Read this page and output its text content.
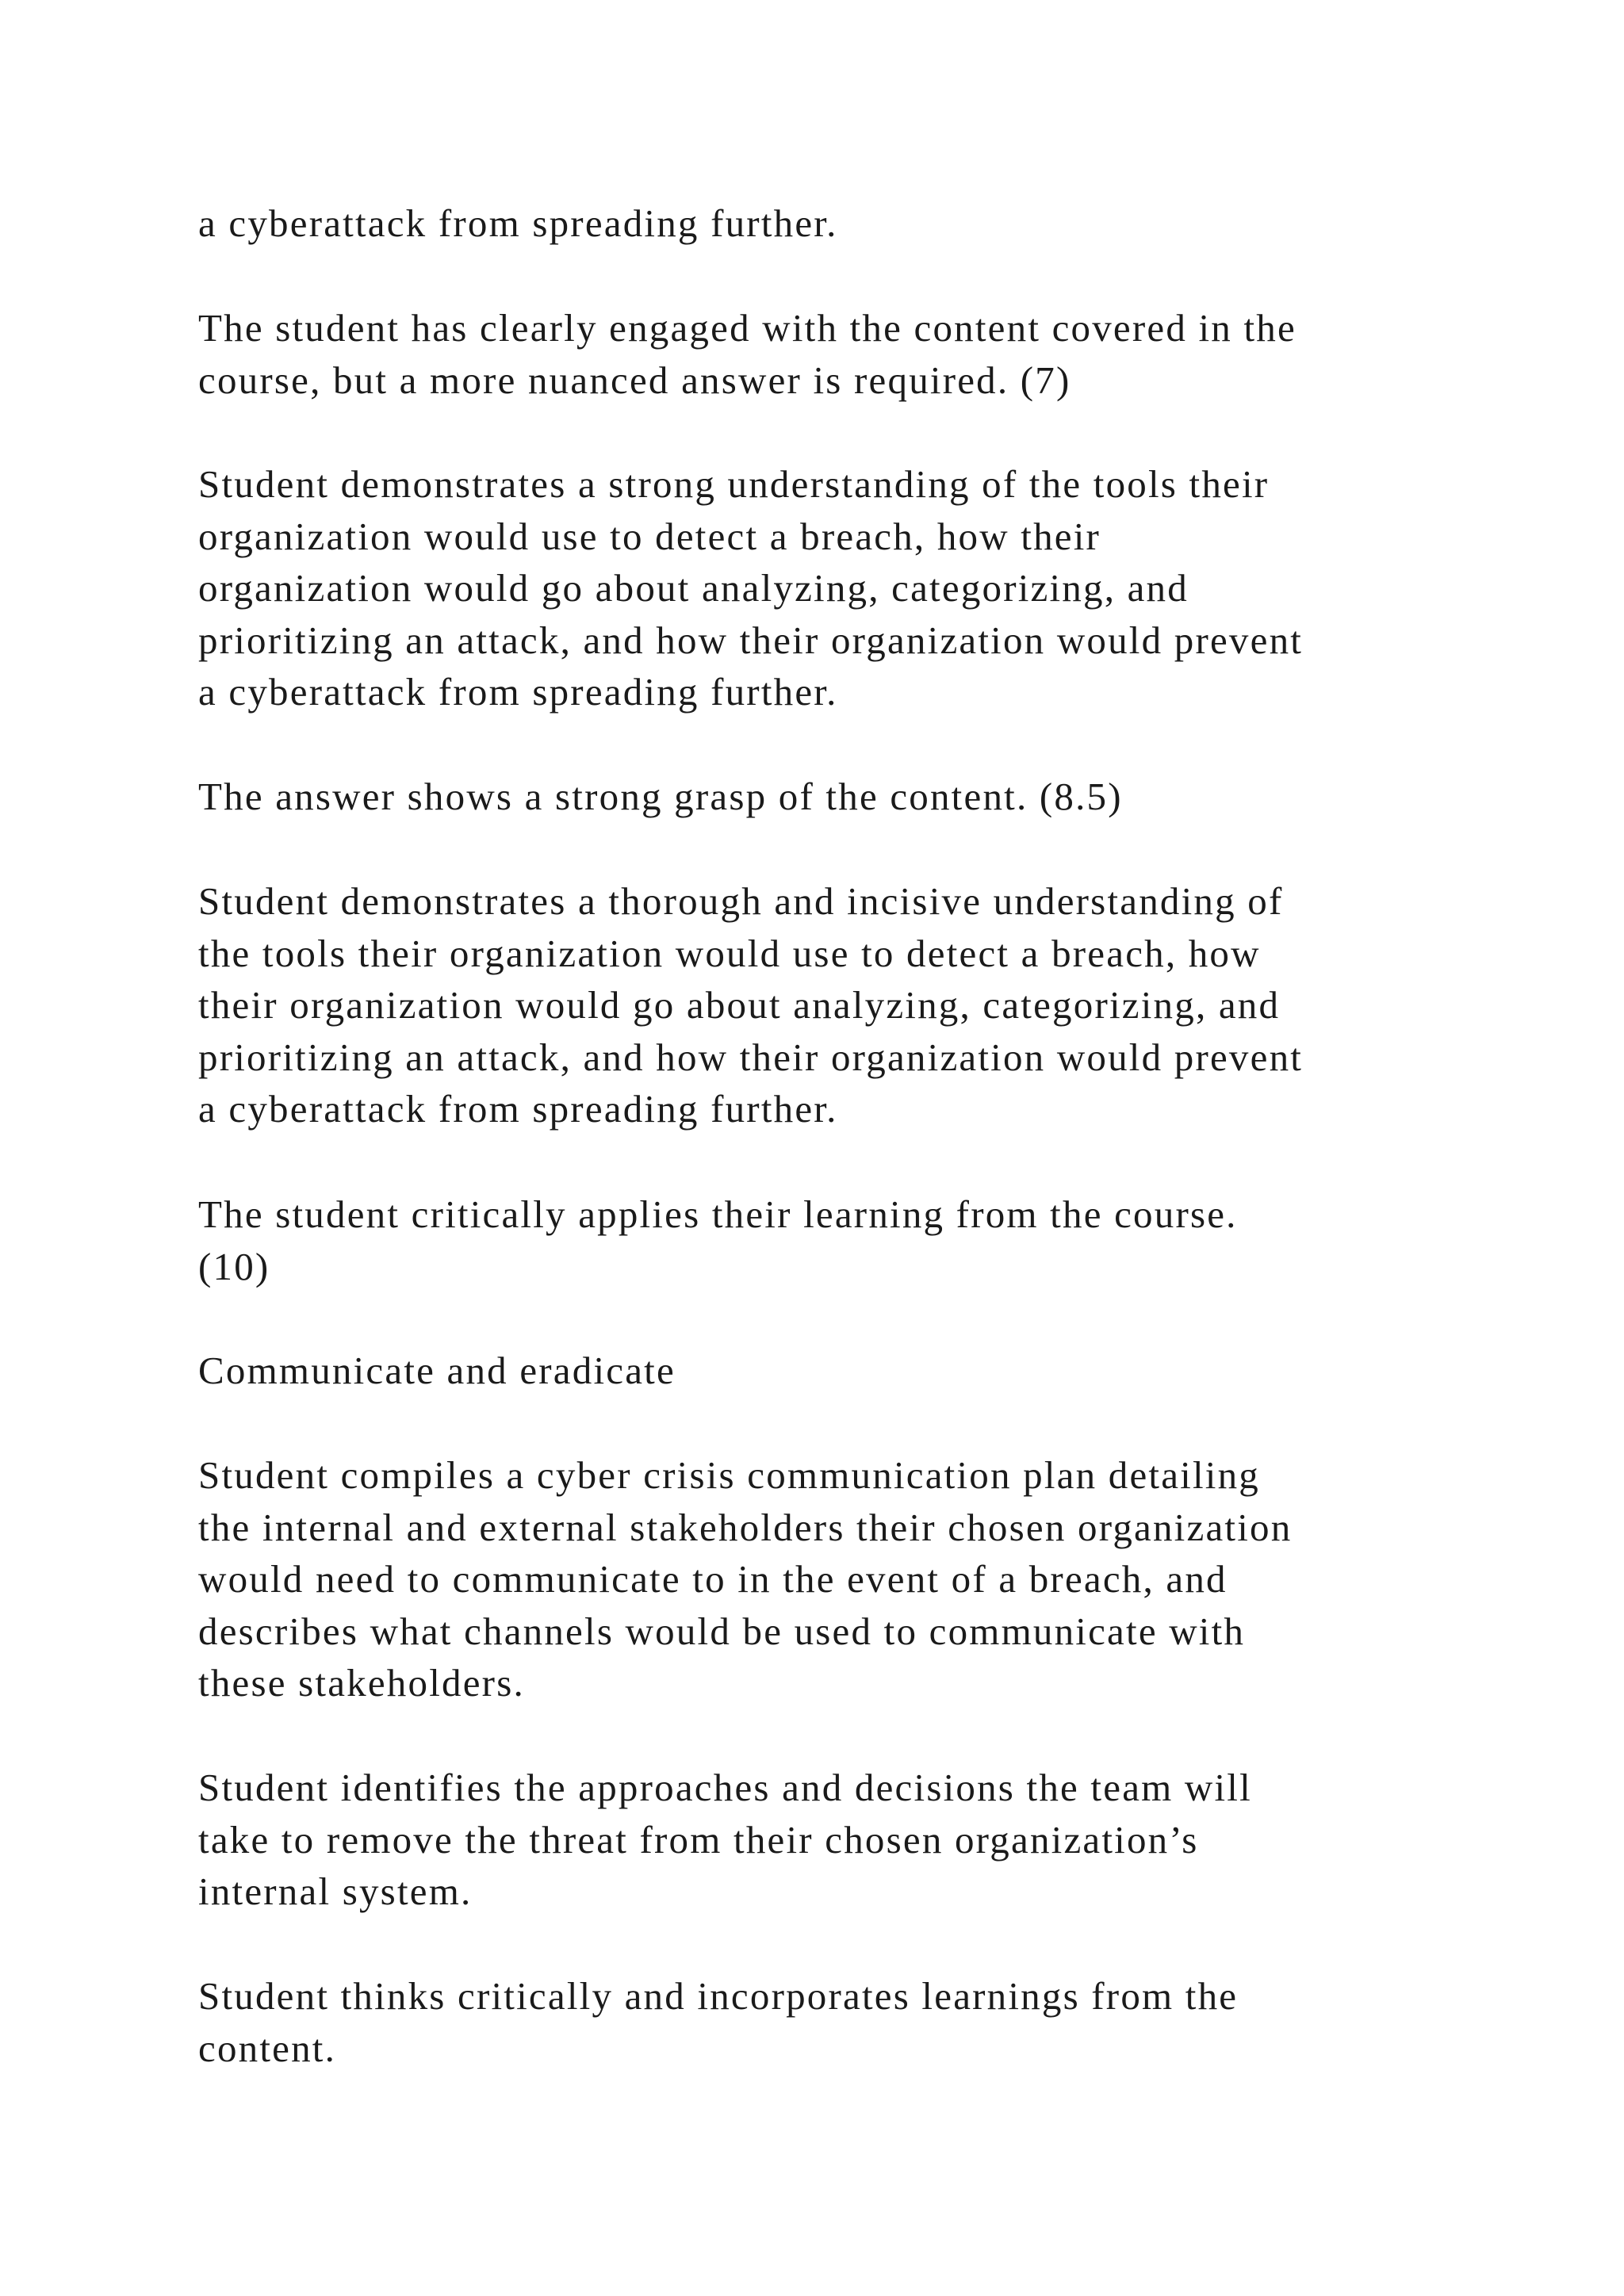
a cyberattack from spreading further.

The student has clearly engaged with the content covered in the
course, but a more nuanced answer is required. (7)

Student demonstrates a strong understanding of the tools their
organization would use to detect a breach, how their
organization would go about analyzing, categorizing, and
prioritizing an attack, and how their organization would prevent
a cyberattack from spreading further.

The answer shows a strong grasp of the content. (8.5)

Student demonstrates a thorough and incisive understanding of
the tools their organization would use to detect a breach, how
their organization would go about analyzing, categorizing, and
prioritizing an attack, and how their organization would prevent
a cyberattack from spreading further.

The student critically applies their learning from the course.
(10)

Communicate and eradicate

Student compiles a cyber crisis communication plan detailing
the internal and external stakeholders their chosen organization
would need to communicate to in the event of a breach, and
describes what channels would be used to communicate with
these stakeholders.

Student identifies the approaches and decisions the team will
take to remove the threat from their chosen organization’s
internal system.

Student thinks critically and incorporates learnings from the
content.
